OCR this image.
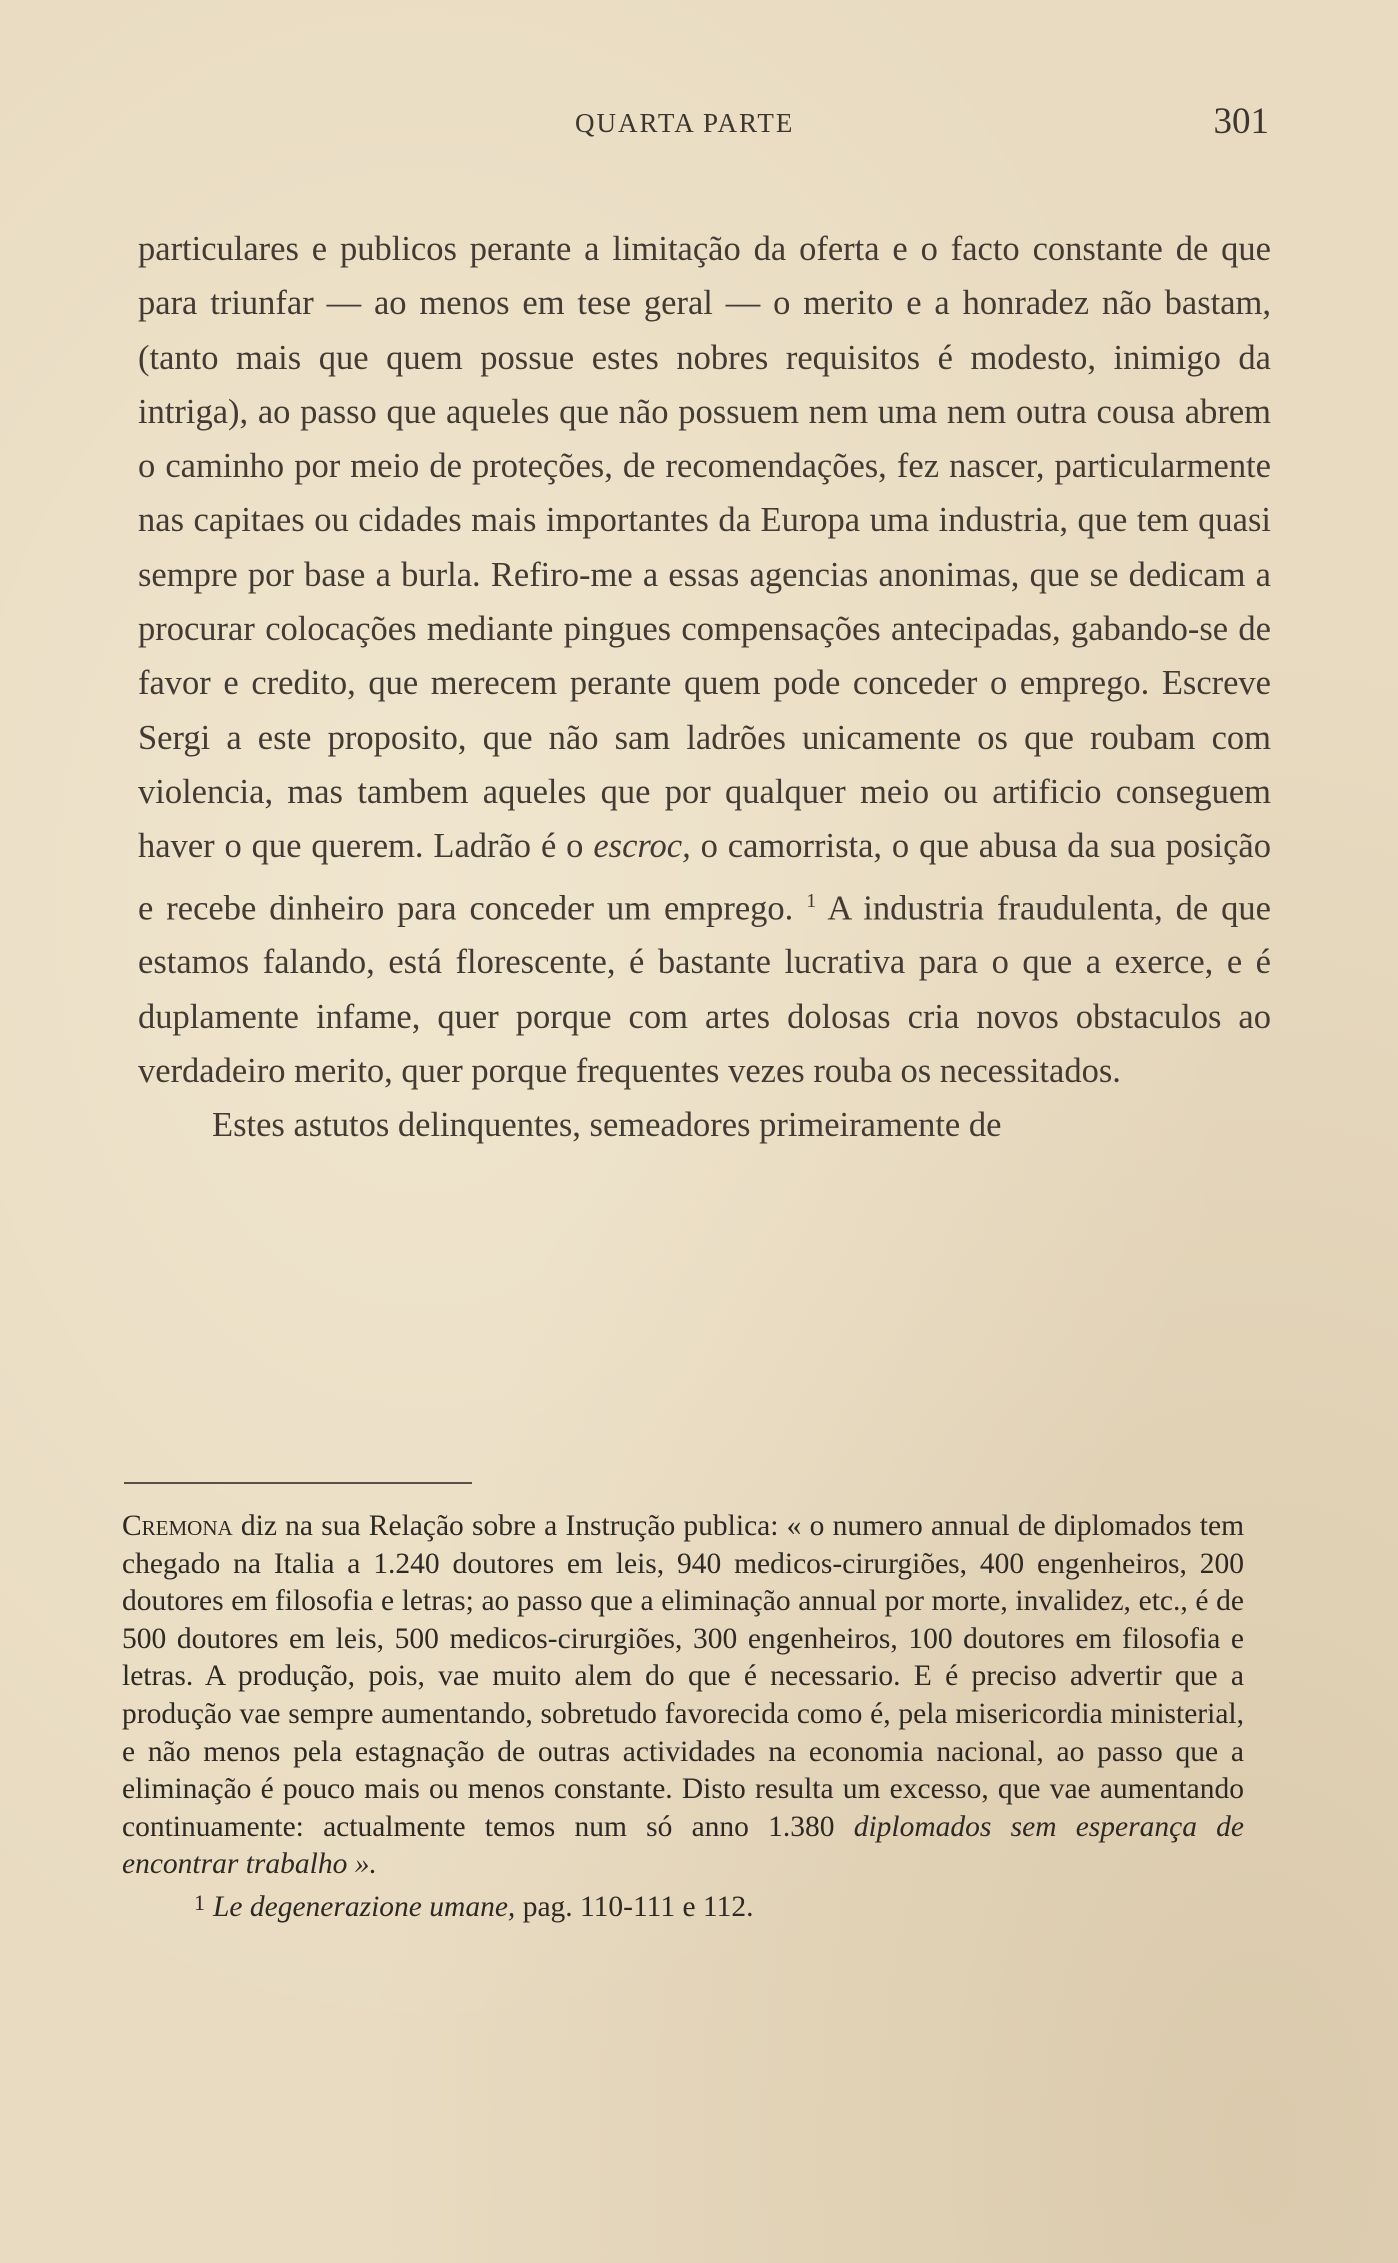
QUARTA PARTE	301

particulares e publicos perante a limitação da oferta e o facto constante de que para triunfar — ao menos em tese geral — o merito e a honradez não bastam, (tanto mais que quem possue estes nobres requisitos é modesto, inimigo da intriga), ao passo que aqueles que não possuem nem uma nem outra cousa abrem o caminho por meio de proteções, de recomendações, fez nascer, particularmente nas capitaes ou cidades mais importantes da Europa uma industria, que tem quasi sempre por base a burla. Refiro-me a essas agencias anonimas, que se dedicam a procurar colocações mediante pingues compensações antecipadas, gabando-se de favor e credito, que merecem perante quem pode conceder o emprego. Escreve Sergi a este proposito, que não sam ladrões unicamente os que roubam com violencia, mas tambem aqueles que por qualquer meio ou artificio conseguem haver o que querem. Ladrão é o escroc, o camorrista, o que abusa da sua posição e recebe dinheiro para conceder um emprego. $^1$ A industria fraudulenta, de que estamos falando, está florescente, é bastante lucrativa para o que a exerce, e é duplamente infame, quer porque com artes dolosas cria novos obstaculos ao verdadeiro merito, quer porque frequentes vezes rouba os necessitados.

Estes astutos delinquentes, semeadores primeiramente de

Cremona diz na sua Relação sobre a Instrução publica: « o numero annual de diplomados tem chegado na Italia a 1.240 doutores em leis, 940 medicos-cirurgiões, 400 engenheiros, 200 doutores em filosofia e letras; ao passo que a eliminação annual por morte, invalidez, etc., é de 500 doutores em leis, 500 medicos-cirurgiões, 300 engenheiros, 100 doutores em filosofia e letras. A produção, pois, vae muito alem do que é necessario. E é preciso advertir que a produção vae sempre aumentando, sobretudo favorecida como é, pela misericordia ministerial, e não menos pela estagnação de outras actividades na economia nacional, ao passo que a eliminação é pouco mais ou menos constante. Disto resulta um excesso, que vae aumentando continuamente: actualmente temos num só anno 1.380 diplomados sem esperança de encontrar trabalho ».

$^1$ Le degenerazione umane, pag. 110-111 e 112.
